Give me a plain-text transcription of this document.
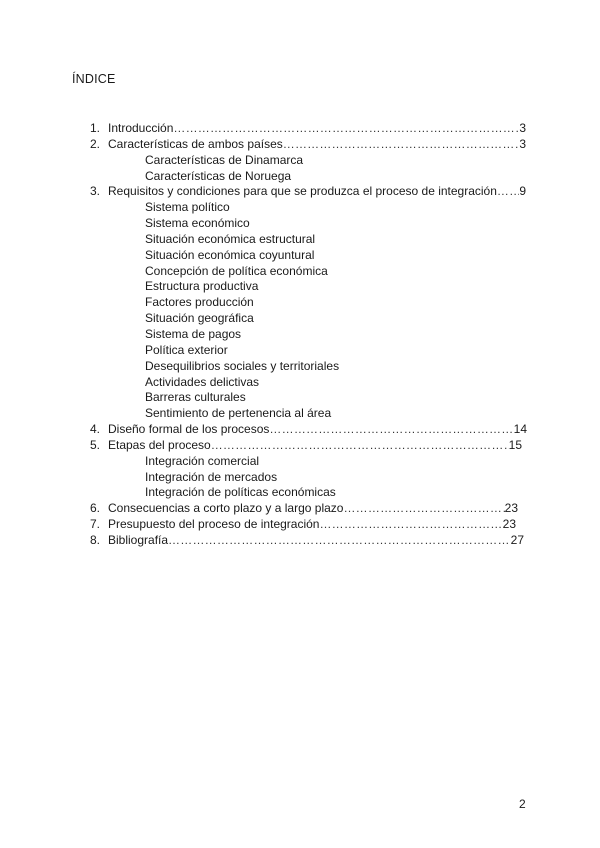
ÍNDICE
1. Introducción ……………………………………………………………………………………………………………………………………………………………………………………………………	3
2. Características de ambos países ……………………………………………………………………………………………………………………………………………………………………………………………………	3
Características de Dinamarca
Características de Noruega
3. Requisitos y condiciones para que se produzca el proceso de integración …………………………………………………………………………………………………………………………………………………………………………………………………… 9
Sistema político
Sistema económico
Situación económica estructural
Situación económica coyuntural
Concepción de política económica
Estructura productiva
Factores producción
Situación geográfica
Sistema de pagos
Política exterior
Desequilibrios sociales y territoriales
Actividades delictivas
Barreras culturales
Sentimiento de pertenencia al área
4. Diseño formal de los procesos ……………………………………………………………………………………………………………………………………………………………………………………………………	14
5. Etapas del proceso ……………………………………………………………………………………………………………………………………………………………………………………………………	15
Integración comercial
Integración de mercados
Integración de políticas económicas
6. Consecuencias a corto plazo y a largo plazo ……………………………………………………………………………………………………………………………………………………………………………………………………	23
7. Presupuesto del proceso de integración ……………………………………………………………………………………………………………………………………………………………………………………………………	23
8. Bibliografía ……………………………………………………………………………………………………………………………………………………………………………………………………	27
2
